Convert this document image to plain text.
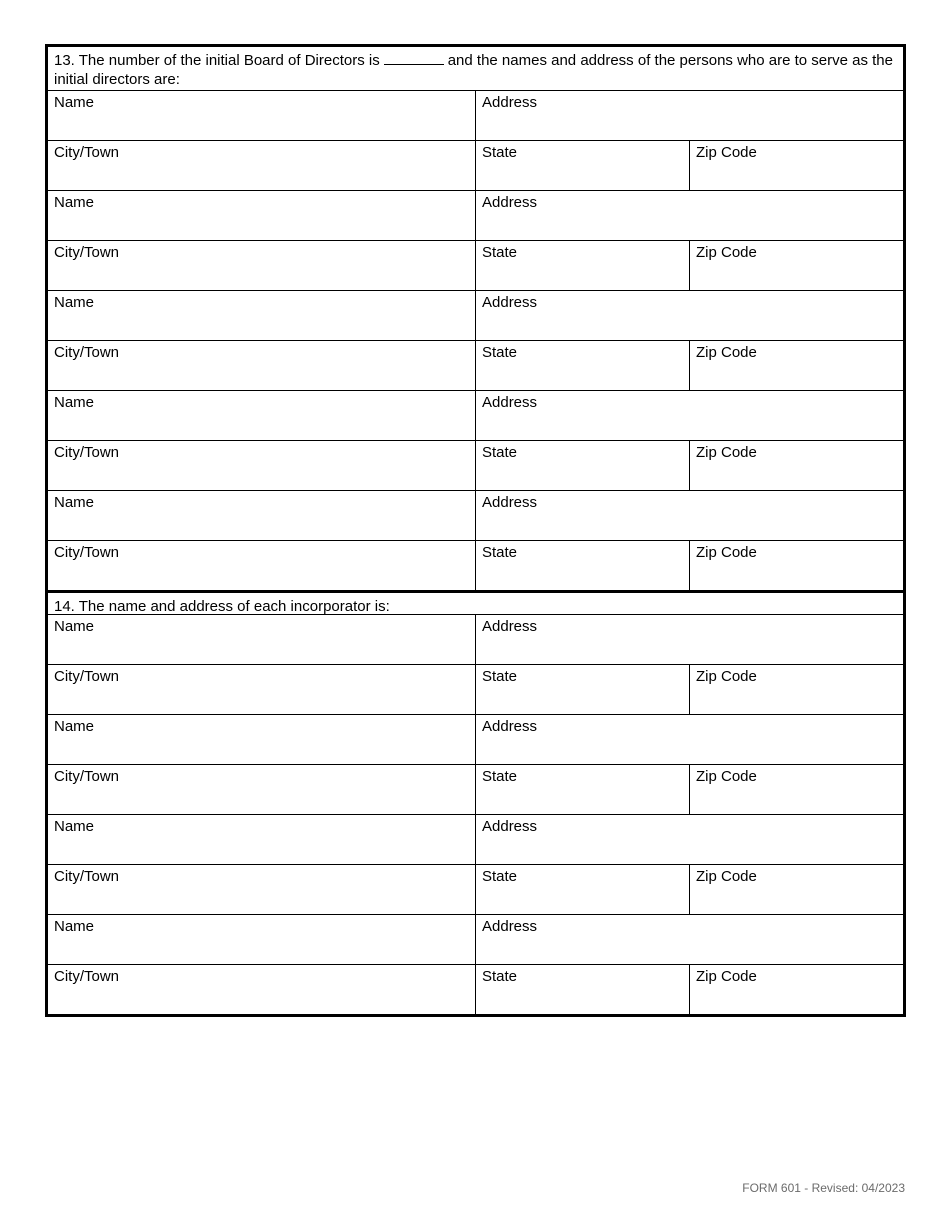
13. The number of the initial Board of Directors is	and the names and address of the persons who are to serve as the initial directors are:
Name	Address
City/Town	State	Zip Code
Name	Address
City/Town	State	Zip Code
Name	Address
City/Town	State	Zip Code
Name	Address
City/Town	State	Zip Code
Name	Address
City/Town	State	Zip Code
14. The name and address of each incorporator is:
Name	Address
City/Town	State	Zip Code
Name	Address
City/Town	State	Zip Code
Name	Address
City/Town	State	Zip Code
Name	Address
City/Town	State	Zip Code
FORM 601 - Revised: 04/2023
